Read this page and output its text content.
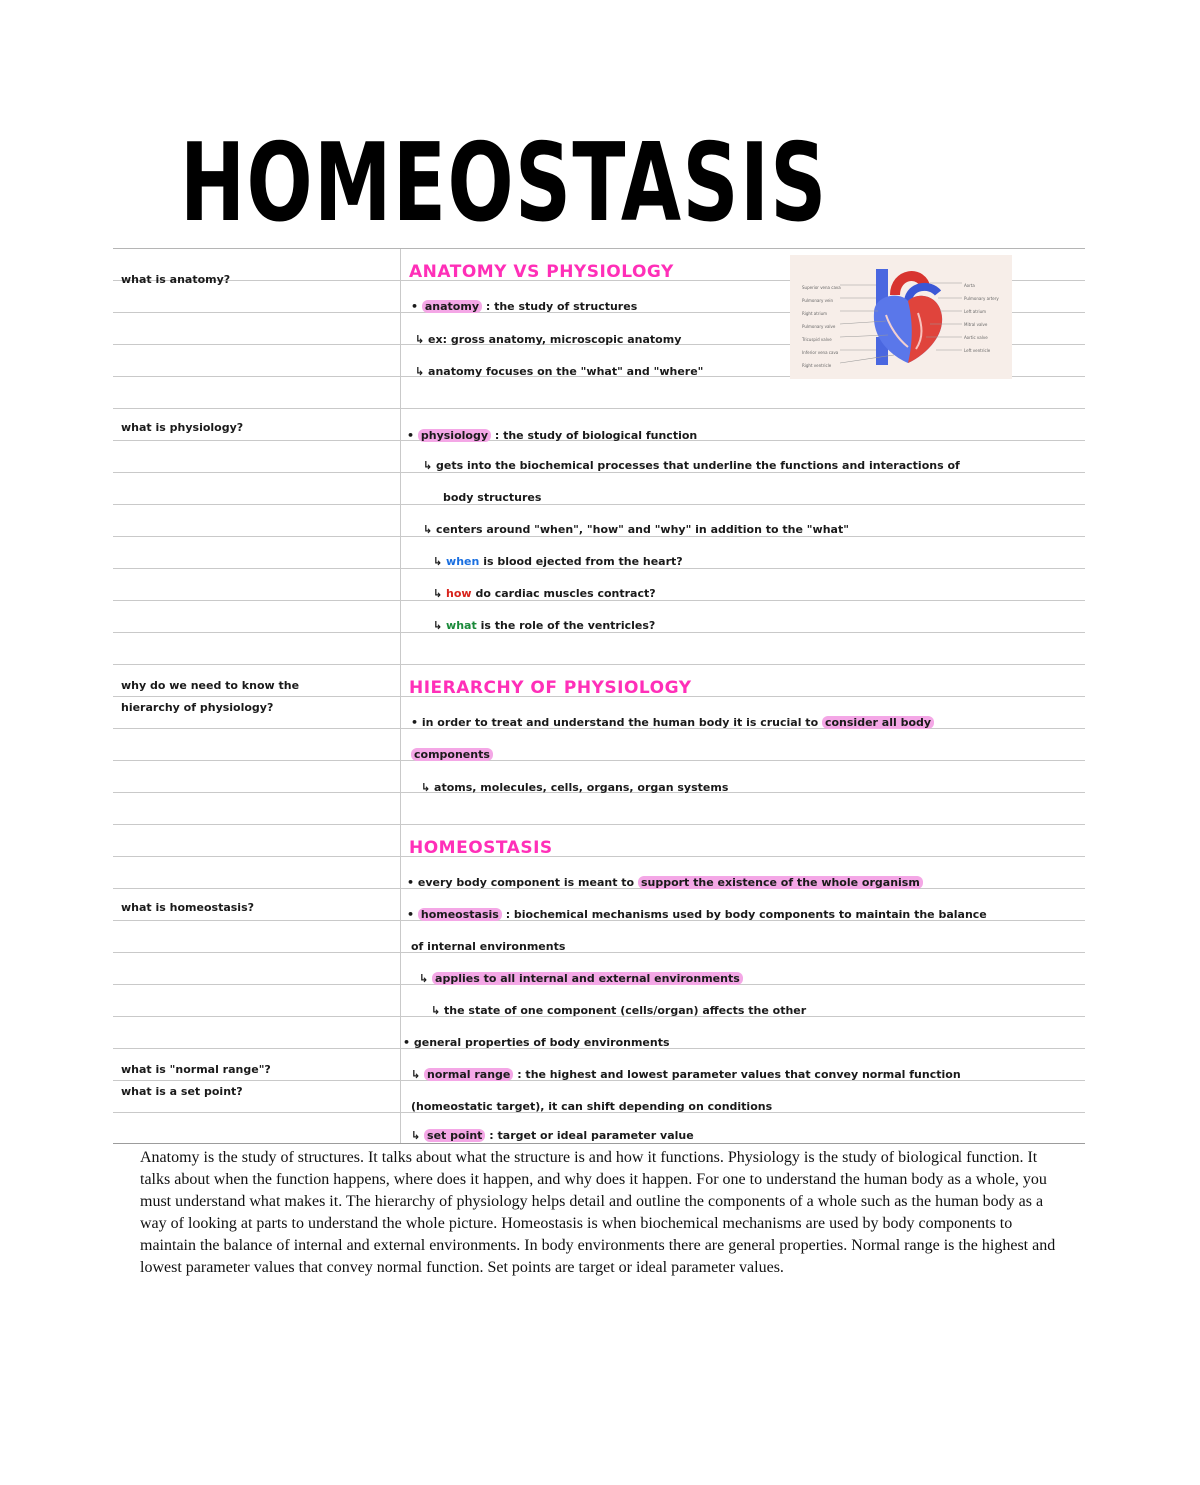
HOMEOSTASIS
what is anatomy?
what is physiology?
why do we need to know the
hierarchy of physiology?
what is homeostasis?
what is "normal range"?
what is a set point?
ANATOMY VS PHYSIOLOGY
• anatomy : the study of structures
↳ ex: gross anatomy, microscopic anatomy
↳ anatomy focuses on the "what" and "where"
Superior vena cava
Pulmonary vein
Right atrium
Pulmonary valve
Tricuspid valve
Inferior vena cava
Right ventricle
Aorta
Pulmonary artery
Left atrium
Mitral valve
Aortic valve
Left ventricle
• physiology : the study of biological function
↳ gets into the biochemical processes that underline the functions and interactions of
body structures
↳ centers around "when", "how" and "why" in addition to the "what"
↳ when is blood ejected from the heart?
↳ how do cardiac muscles contract?
↳ what is the role of the ventricles?
HIERARCHY OF PHYSIOLOGY
• in order to treat and understand the human body it is crucial to consider all body
components
↳ atoms, molecules, cells, organs, organ systems
HOMEOSTASIS
• every body component is meant to support the existence of the whole organism
• homeostasis : biochemical mechanisms used by body components to maintain the balance
of internal environments
↳ applies to all internal and external environments
↳ the state of one component (cells/organ) affects the other
• general properties of body environments
↳ normal range : the highest and lowest parameter values that convey normal function
(homeostatic target), it can shift depending on conditions
↳ set point : target or ideal parameter value
Anatomy is the study of structures. It talks about what the structure is and how it functions. Physiology is the study of biological function. It talks about when the function happens, where does it happen, and why does it happen. For one to understand the human body as a whole, you must understand what makes it. The hierarchy of physiology helps detail and outline the components of a whole such as the human body as a way of looking at parts to understand the whole picture. Homeostasis is when biochemical mechanisms are used by body components to maintain the balance of internal and external environments. In body environments there are general properties. Normal range is the highest and lowest parameter values that convey normal function. Set points are target or ideal parameter values.
